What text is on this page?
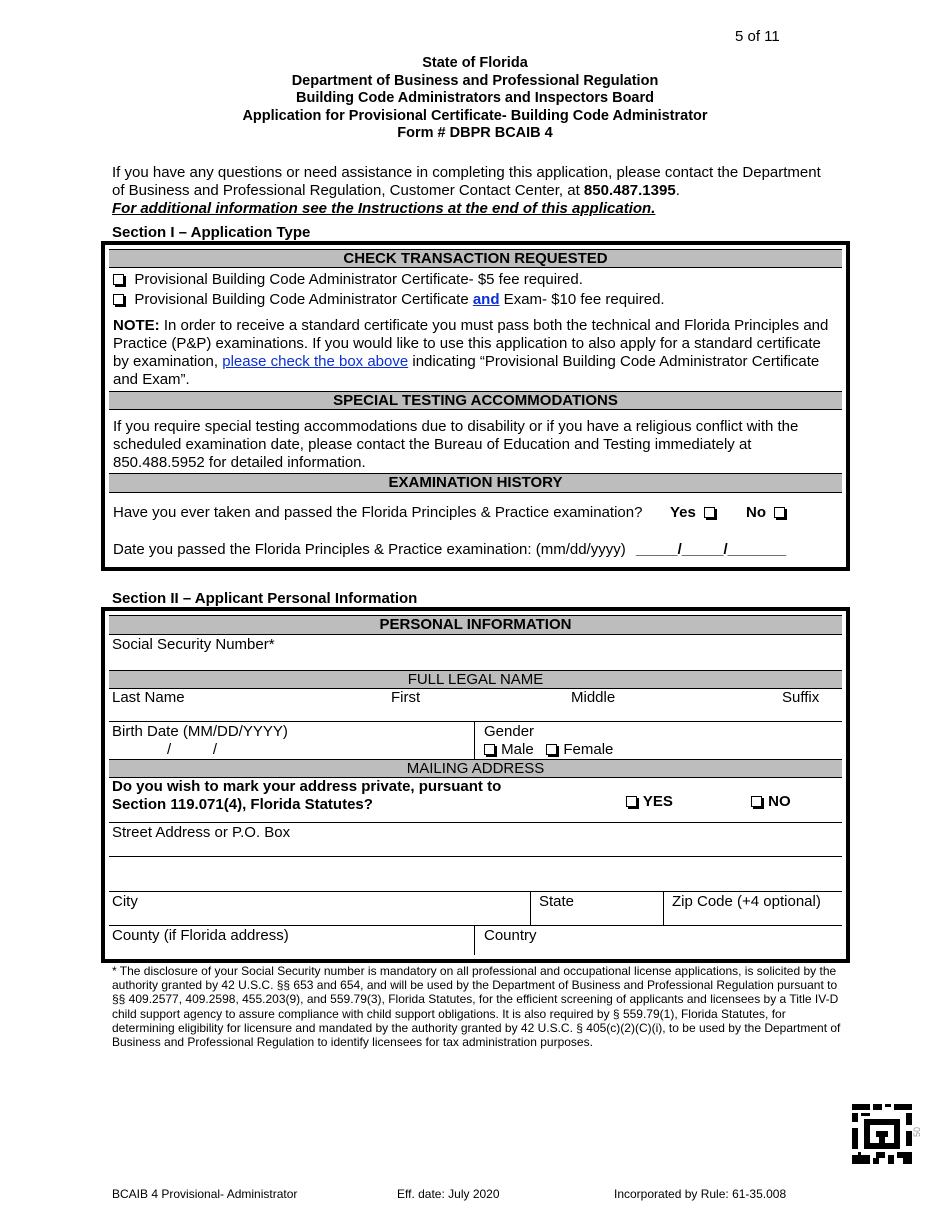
5 of 11
State of Florida
Department of Business and Professional Regulation
Building Code Administrators and Inspectors Board
Application for Provisional Certificate- Building Code Administrator
Form # DBPR BCAIB 4
If you have any questions or need assistance in completing this application, please contact the Department of Business and Professional Regulation, Customer Contact Center, at 850.487.1395.
For additional information see the Instructions at the end of this application.
Section I – Application Type
CHECK TRANSACTION REQUESTED
Provisional Building Code Administrator Certificate- $5 fee required.
Provisional Building Code Administrator Certificate and Exam- $10 fee required.
NOTE: In order to receive a standard certificate you must pass both the technical and Florida Principles and Practice (P&P) examinations. If you would like to use this application to also apply for a standard certificate by examination, please check the box above indicating “Provisional Building Code Administrator Certificate and Exam”.
SPECIAL TESTING ACCOMMODATIONS
If you require special testing accommodations due to disability or if you have a religious conflict with the scheduled examination date, please contact the Bureau of Education and Testing immediately at 850.488.5952 for detailed information.
EXAMINATION HISTORY
Have you ever taken and passed the Florida Principles & Practice examination? Yes	No
Date you passed the Florida Principles & Practice examination: (mm/dd/yyyy) _____/_____/_______
Section II – Applicant Personal Information
PERSONAL INFORMATION
Social Security Number*
FULL LEGAL NAME
Last Name	First	Middle	Suffix
Birth Date (MM/DD/YYYY)
/          /
Gender
Male Female
MAILING ADDRESS
Do you wish to mark your address private, pursuant to Section 119.071(4), Florida Statutes?	YES	NO
Street Address or P.O. Box
City	State	Zip Code (+4 optional)
County (if Florida address)	Country
* The disclosure of your Social Security number is mandatory on all professional and occupational license applications, is solicited by the authority granted by 42 U.S.C. §§ 653 and 654, and will be used by the Department of Business and Professional Regulation pursuant to §§ 409.2577, 409.2598, 455.203(9), and 559.79(3), Florida Statutes, for the efficient screening of applicants and licensees by a Title IV-D child support agency to assure compliance with child support obligations. It is also required by § 559.79(1), Florida Statutes, for determining eligibility for licensure and mandated by the authority granted by 42 U.S.C. § 405(c)(2)(C)(i), to be used by the Department of Business and Professional Regulation to identify licensees for tax administration purposes.
50
BCAIB 4 Provisional- Administrator	Eff. date: July 2020	Incorporated by Rule: 61-35.008
